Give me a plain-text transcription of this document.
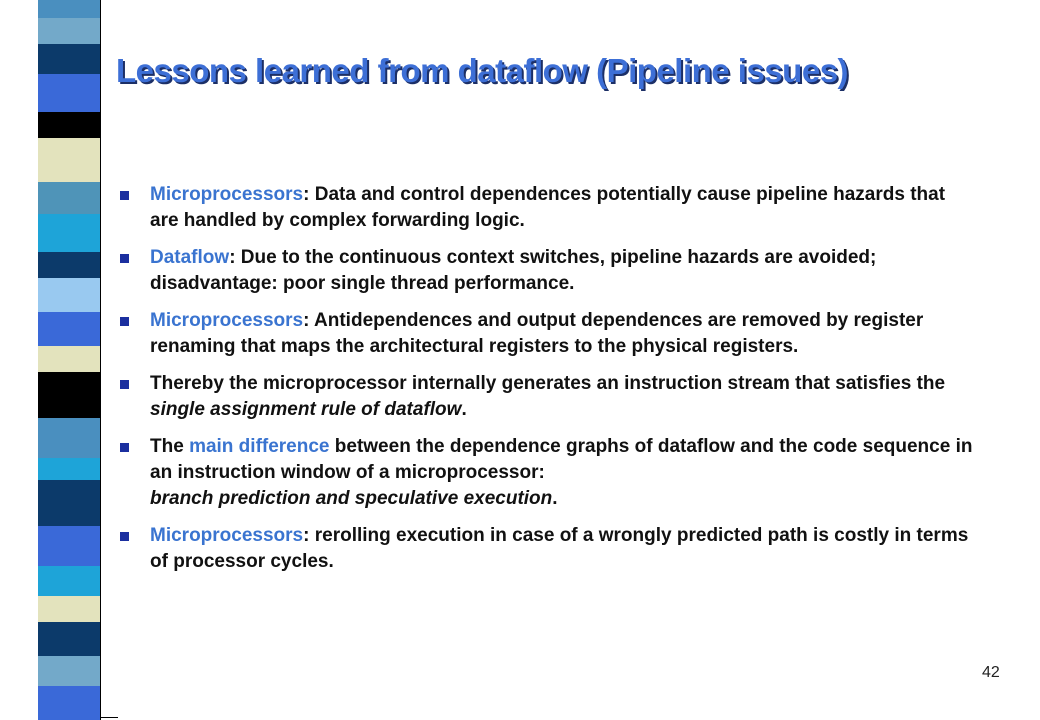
Lessons learned from dataflow (Pipeline issues)
Microprocessors: Data and control dependences potentially cause pipeline hazards that are handled by complex forwarding logic.
Dataflow: Due to the continuous context switches, pipeline hazards are avoided; disadvantage: poor single thread performance.
Microprocessors: Antidependences and output dependences are removed by register renaming that maps the architectural registers to the physical registers.
Thereby the microprocessor internally generates an instruction stream that satisfies the single assignment rule of dataflow.
The main difference between the dependence graphs of dataflow and the code sequence in an instruction window of a microprocessor:
branch prediction and speculative execution.
Microprocessors: rerolling execution in case of a wrongly predicted path is costly in terms of processor cycles.
42
